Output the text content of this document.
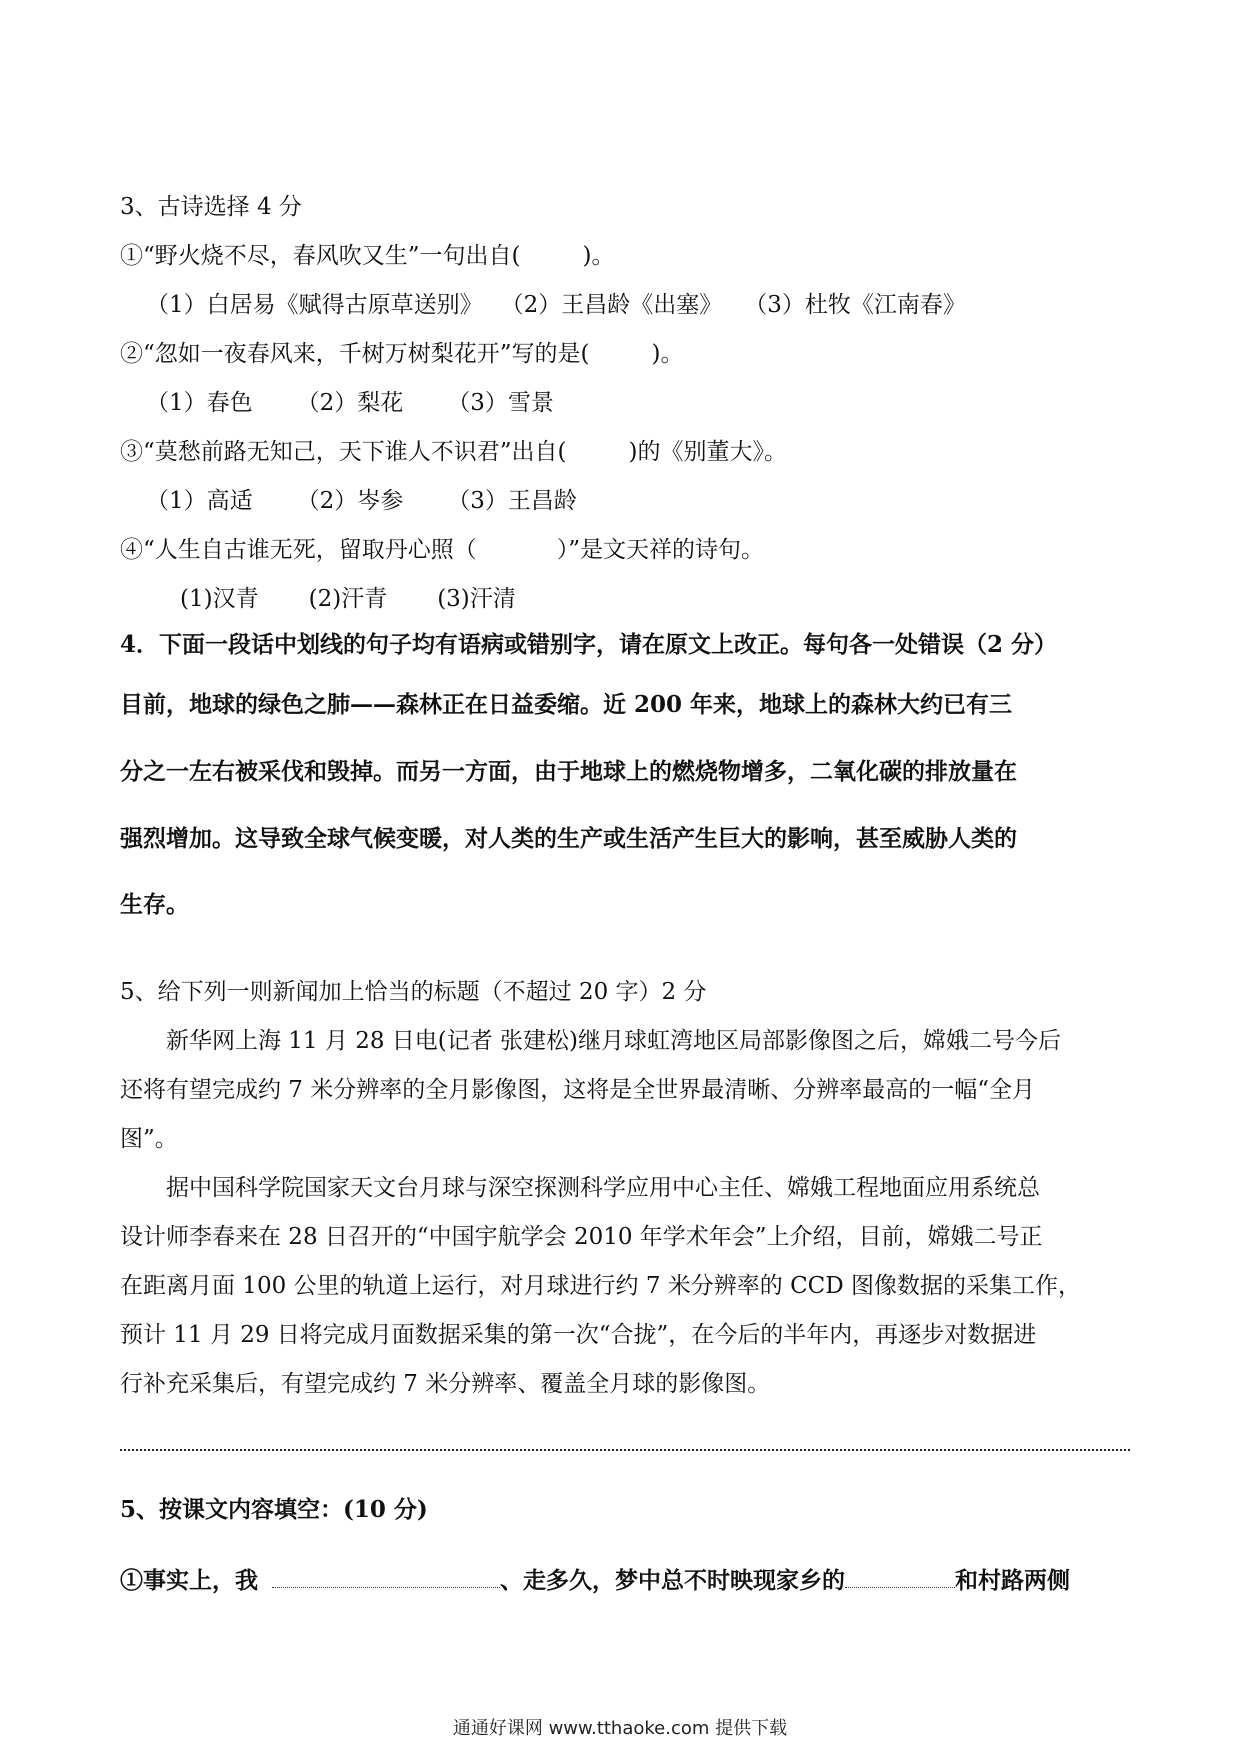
3、古诗选择 4 分
①“野火烧不尽，春风吹又生”一句出自(	)。
（1）白居易《赋得古原草送别》 （2）王昌龄《出塞》 （3）杜牧《江南春》
②“忽如一夜春风来，千树万树梨花开”写的是(	)。
（1）春色 （2）梨花 （3）雪景
③“莫愁前路无知己，天下谁人不识君”出自(	)的《别董大》。
（1）高适 （2）岑参 （3）王昌龄
④“人生自古谁无死，留取丹心照（	）”是文天祥的诗句。
(1)汉青 (2)汗青 (3)汗清
4．下面一段话中划线的句子均有语病或错别字，请在原文上改正。每句各一处错误（2 分）
目前，地球的绿色之肺——森林正在日益委缩。近 200 年来，地球上的森林大约已有三
分之一左右被采伐和毁掉。而另一方面，由于地球上的燃烧物增多，二氧化碳的排放量在
强烈增加。这导致全球气候变暖，对人类的生产或生活产生巨大的影响，甚至威胁人类的
生存。
5、给下列一则新闻加上恰当的标题（不超过 20 字）2 分
新华网上海 11 月 28 日电(记者 张建松)继月球虹湾地区局部影像图之后，嫦娥二号今后
还将有望完成约 7 米分辨率的全月影像图，这将是全世界最清晰、分辨率最高的一幅“全月
图”。
据中国科学院国家天文台月球与深空探测科学应用中心主任、嫦娥工程地面应用系统总
设计师李春来在 28 日召开的“中国宇航学会 2010 年学术年会”上介绍，目前，嫦娥二号正
在距离月面 100 公里的轨道上运行，对月球进行约 7 米分辨率的 CCD 图像数据的采集工作，
预计 11 月 29 日将完成月面数据采集的第一次“合拢”，在今后的半年内，再逐步对数据进
行补充采集后，有望完成约 7 米分辨率、覆盖全月球的影像图。
5、按课文内容填空：(10 分)
①事实上，我	、走多久，梦中总不时映现家乡的	和村路两侧
通通好课网 www.tthaoke.com 提供下载
